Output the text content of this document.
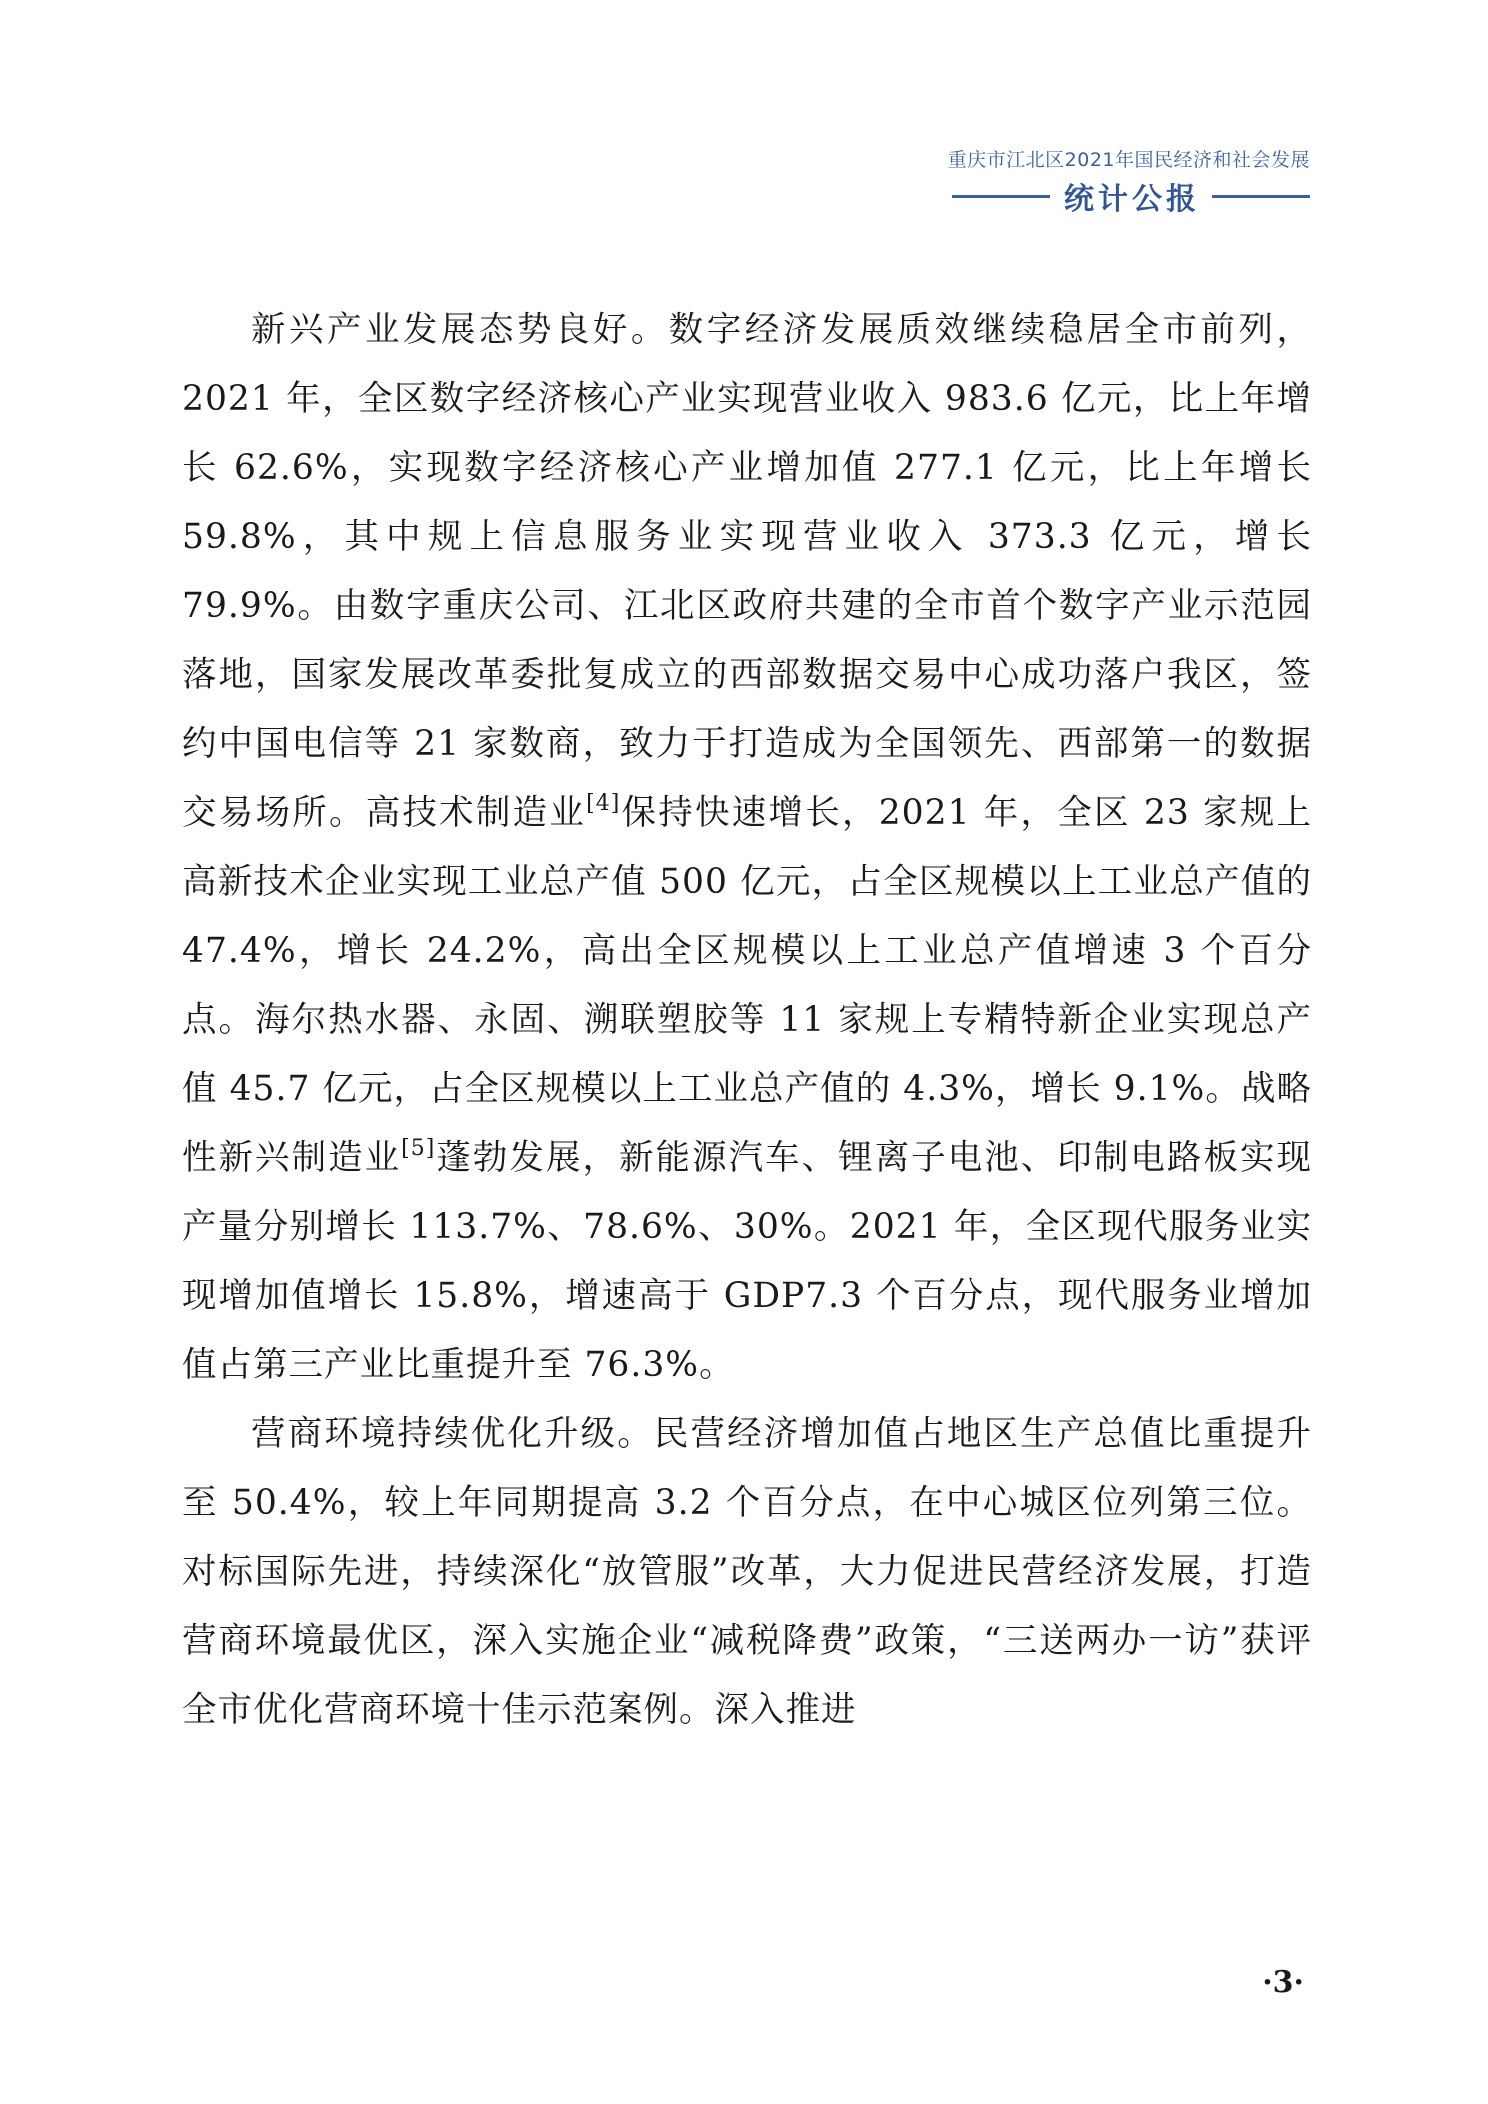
重庆市江北区2021年国民经济和社会发展
统计公报

新兴产业发展态势良好。数字经济发展质效继续稳居全市前列，2021 年，全区数字经济核心产业实现营业收入 983.6 亿元，比上年增长 62.6%，实现数字经济核心产业增加值 277.1 亿元，比上年增长 59.8%，其中规上信息服务业实现营业收入 373.3 亿元，增长 79.9%。由数字重庆公司、江北区政府共建的全市首个数字产业示范园落地，国家发展改革委批复成立的西部数据交易中心成功落户我区，签约中国电信等 21 家数商，致力于打造成为全国领先、西部第一的数据交易场所。高技术制造业[4]保持快速增长，2021 年，全区 23 家规上高新技术企业实现工业总产值 500 亿元，占全区规模以上工业总产值的 47.4%，增长 24.2%，高出全区规模以上工业总产值增速 3 个百分点。海尔热水器、永固、溯联塑胶等 11 家规上专精特新企业实现总产值 45.7 亿元，占全区规模以上工业总产值的 4.3%，增长 9.1%。战略性新兴制造业[5]蓬勃发展，新能源汽车、锂离子电池、印制电路板实现产量分别增长 113.7%、78.6%、30%。2021 年，全区现代服务业实现增加值增长 15.8%，增速高于 GDP7.3 个百分点，现代服务业增加值占第三产业比重提升至 76.3%。

营商环境持续优化升级。民营经济增加值占地区生产总值比重提升至 50.4%，较上年同期提高 3.2 个百分点，在中心城区位列第三位。对标国际先进，持续深化“放管服”改革，大力促进民营经济发展，打造营商环境最优区，深入实施企业“减税降费”政策，“三送两办一访”获评全市优化营商环境十佳示范案例。深入推进

·3·
